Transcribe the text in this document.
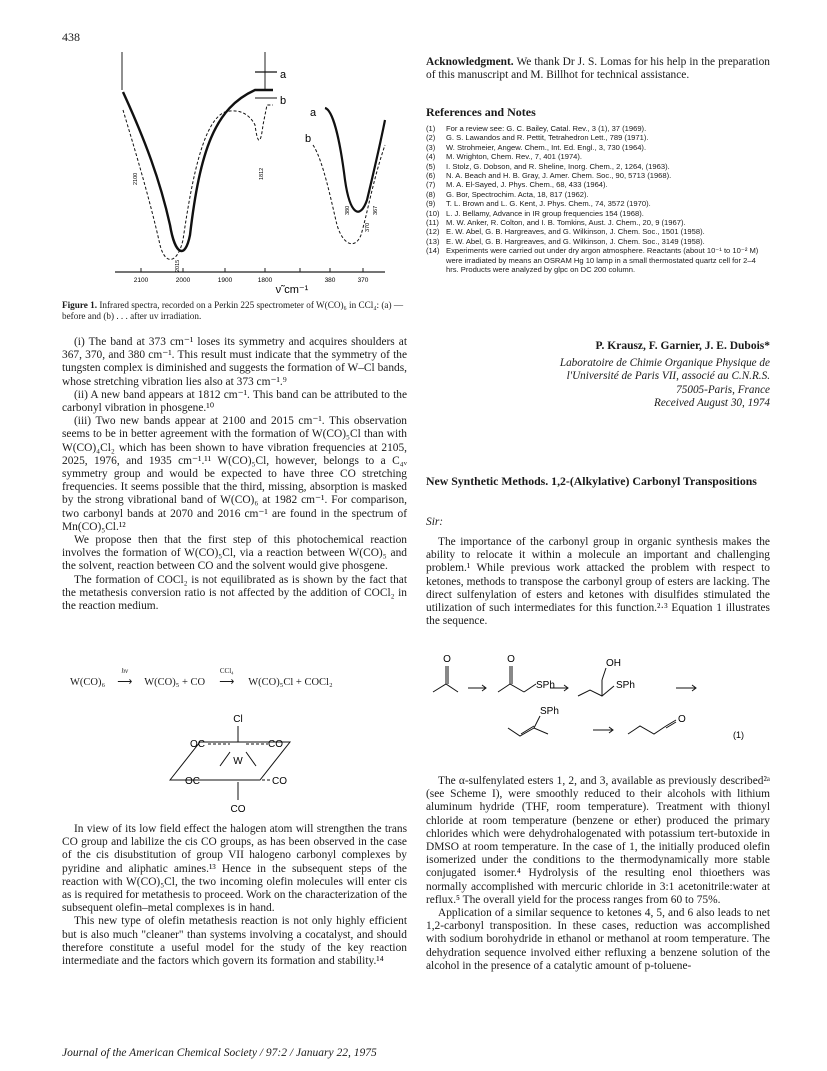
438
2100	2000	1900	1800	380	370
ν̃ cm⁻¹
a
b
a
b
2100	1812
2015
380
370
367
Figure 1. Infrared spectra, recorded on a Perkin 225 spectrometer of W(CO)₆ in CCl₄: (a) — before and (b) . . . after uv irradiation.

(i) The band at 373 cm⁻¹ loses its symmetry and acquires shoulders at 367, 370, and 380 cm⁻¹. This result must indicate that the symmetry of the tungsten complex is diminished and suggests the formation of W–Cl bands, whose stretching vibration lies also at 373 cm⁻¹.⁹

(ii) A new band appears at 1812 cm⁻¹. This band can be attributed to the carbonyl vibration in phosgene.¹⁰

(iii) Two new bands appear at 2100 and 2015 cm⁻¹. This observation seems to be in better agreement with the formation of W(CO)₅Cl than with W(CO)₄Cl₂ which has been shown to have vibration frequencies at 2105, 2025, 1976, and 1935 cm⁻¹.¹¹ W(CO)₅Cl, however, belongs to a C₄ᵥ symmetry group and would be expected to have three CO stretching frequencies. It seems possible that the third, missing, absorption is masked by the strong vibrational band of W(CO)₆ at 1982 cm⁻¹. For comparison, two carbonyl bands at 2070 and 2016 cm⁻¹ are found in the spectrum of Mn(CO)₅Cl.¹²

We propose then that the first step of this photochemical reaction involves the formation of W(CO)₅Cl, via a reaction between W(CO)₅ and the solvent, reaction between CO and the solvent would give phosgene.

The formation of COCl₂ is not equilibrated as is shown by the fact that the metathesis conversion ratio is not affected by the addition of COCl₂ in the reaction medium.

W(CO)₆
hν
⟶ W(CO)₅ + CO
CCl₄
⟶ W(CO)₅Cl + COCl₂
Cl
OC	CO
W
OC	CO
CO

In view of its low field effect the halogen atom will strengthen the trans CO group and labilize the cis CO groups, as has been observed in the case of the cis disubstitution of group VII halogeno carbonyl complexes by pyridine and aliphatic amines.¹³ Hence in the subsequent steps of the reaction with W(CO)₅Cl, the two incoming olefin molecules will enter cis as is required for metathesis to proceed. Work on the characterization of the subsequent olefin–metal complexes is in hand.

This new type of olefin metathesis reaction is not only highly efficient but is also much "cleaner" than systems involving a cocatalyst, and should therefore constitute a useful model for the study of the key reaction intermediate and the factors which govern its formation and stability.¹⁴

Acknowledgment. We thank Dr J. S. Lomas for his help in the preparation of this manuscript and M. Billhot for technical assistance.
References and Notes
(1)	For a review see: G. C. Bailey, Catal. Rev., 3 (1), 37 (1969).
(2)	G. S. Lawandos and R. Pettit, Tetrahedron Lett., 789 (1971).
(3)	W. Strohmeier, Angew. Chem., Int. Ed. Engl., 3, 730 (1964).
(4)	M. Wrighton, Chem. Rev., 7, 401 (1974).
(5)	I. Stolz, G. Dobson, and R. Sheline, Inorg. Chem., 2, 1264, (1963).
(6)	N. A. Beach and H. B. Gray, J. Amer. Chem. Soc., 90, 5713 (1968).
(7)	M. A. El-Sayed, J. Phys. Chem., 68, 433 (1964).
(8)	G. Bor, Spectrochim. Acta, 18, 817 (1962).
(9)	T. L. Brown and L. G. Kent, J. Phys. Chem., 74, 3572 (1970).
(10) L. J. Bellamy, Advance in IR group frequencies 154 (1968).
(11) M. W. Anker, R. Colton, and I. B. Tomkins, Aust. J. Chem., 20, 9 (1967).
(12) E. W. Abel, G. B. Hargreaves, and G. Wilkinson, J. Chem. Soc., 1501 (1958).
(13) E. W. Abel, G. B. Hargreaves, and G. Wilkinson, J. Chem. Soc., 3149 (1958).
(14) Experiments were carried out under dry argon atmosphere. Reactants (about 10⁻¹ to 10⁻² M) were irradiated by means an OSRAM Hg 10 lamp in a small thermostated quartz cell for 2–4 hrs. Products were analyzed by glpc on DC 200 column.
P. Krausz, F. Garnier, J. E. Dubois*
Laboratoire de Chimie Organique Physique de
l'Université de Paris VII, associé au C.N.R.S.
75005-Paris, France
Received August 30, 1974
New Synthetic Methods. 1,2-(Alkylative) Carbonyl Transpositions
Sir:

The importance of the carbonyl group in organic synthesis makes the ability to relocate it within a molecule an important and challenging problem.¹ While previous work attacked the problem with respect to ketones, methods to transpose the carbonyl group of esters are lacking. The direct sulfenylation of esters and ketones with disulfides stimulated the utilization of such intermediates for this function.²·³ Equation 1 illustrates the sequence.

O	O
SPh
OH
SPh
SPh
O
(1)

The α-sulfenylated esters 1, 2, and 3, available as previously described²ᵃ (see Scheme I), were smoothly reduced to their alcohols with lithium aluminum hydride (THF, room temperature). Treatment with thionyl chloride at room temperature (benzene or ether) produced the primary chlorides which were dehydrohalogenated with potassium tert-butoxide in DMSO at room temperature. In the case of 1, the initially produced olefin isomerized under the conditions to the thermodynamically more stable conjugated isomer.⁴ Hydrolysis of the resulting enol thioethers was normally accomplished with mercuric chloride in 3:1 acetonitrile:water at reflux.⁵ The overall yield for the process ranges from 60 to 75%.

Application of a similar sequence to ketones 4, 5, and 6 also leads to net 1,2-carbonyl transposition. In these cases, reduction was accomplished with sodium borohydride in ethanol or methanol at room temperature. The dehydration sequence involved either refluxing a benzene solution of the alcohol in the presence of a catalytic amount of p-toluene-

Journal of the American Chemical Society / 97:2 / January 22, 1975
